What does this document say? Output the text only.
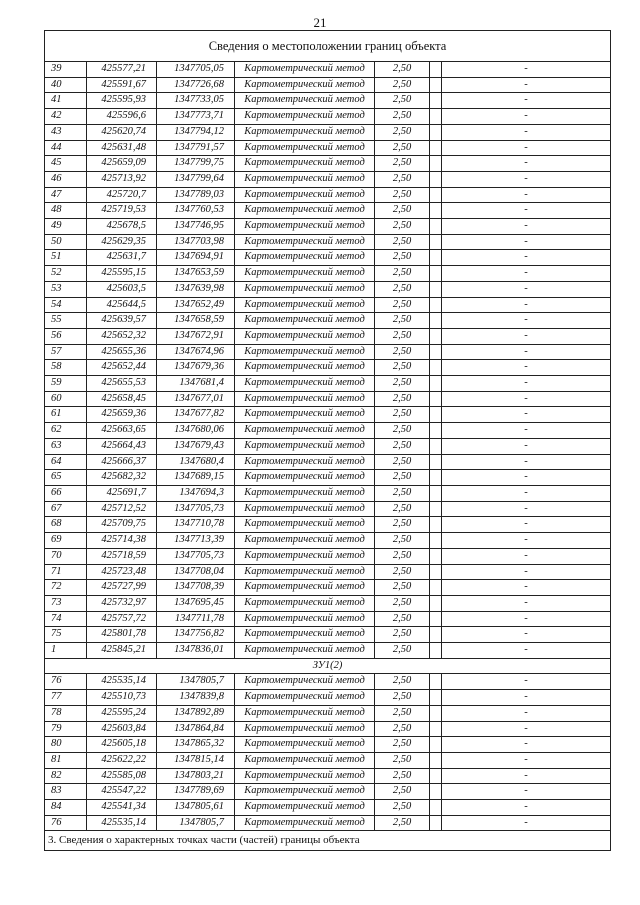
21
Сведения о местоположении границ объекта						
39	425577,21	1347705,05	Картометрический метод	2,50		-
40	425591,67	1347726,68	Картометрический метод	2,50		-
41	425595,93	1347733,05	Картометрический метод	2,50		-
42	425596,6	1347773,71	Картометрический метод	2,50		-
43	425620,74	1347794,12	Картометрический метод	2,50		-
44	425631,48	1347791,57	Картометрический метод	2,50		-
45	425659,09	1347799,75	Картометрический метод	2,50		-
46	425713,92	1347799,64	Картометрический метод	2,50		-
47	425720,7	1347789,03	Картометрический метод	2,50		-
48	425719,53	1347760,53	Картометрический метод	2,50		-
49	425678,5	1347746,95	Картометрический метод	2,50		-
50	425629,35	1347703,98	Картометрический метод	2,50		-
51	425631,7	1347694,91	Картометрический метод	2,50		-
52	425595,15	1347653,59	Картометрический метод	2,50		-
53	425603,5	1347639,98	Картометрический метод	2,50		-
54	425644,5	1347652,49	Картометрический метод	2,50		-
55	425639,57	1347658,59	Картометрический метод	2,50		-
56	425652,32	1347672,91	Картометрический метод	2,50		-
57	425655,36	1347674,96	Картометрический метод	2,50		-
58	425652,44	1347679,36	Картометрический метод	2,50		-
59	425655,53	1347681,4	Картометрический метод	2,50		-
60	425658,45	1347677,01	Картометрический метод	2,50		-
61	425659,36	1347677,82	Картометрический метод	2,50		-
62	425663,65	1347680,06	Картометрический метод	2,50		-
63	425664,43	1347679,43	Картометрический метод	2,50		-
64	425666,37	1347680,4	Картометрический метод	2,50		-
65	425682,32	1347689,15	Картометрический метод	2,50		-
66	425691,7	1347694,3	Картометрический метод	2,50		-
67	425712,52	1347705,73	Картометрический метод	2,50		-
68	425709,75	1347710,78	Картометрический метод	2,50		-
69	425714,38	1347713,39	Картометрический метод	2,50		-
70	425718,59	1347705,73	Картометрический метод	2,50		-
71	425723,48	1347708,04	Картометрический метод	2,50		-
72	425727,99	1347708,39	Картометрический метод	2,50		-
73	425732,97	1347695,45	Картометрический метод	2,50		-
74	425757,72	1347711,78	Картометрический метод	2,50		-
75	425801,78	1347756,82	Картометрический метод	2,50		-
1	425845,21	1347836,01	Картометрический метод	2,50		-
ЗУ1(2)						
76	425535,14	1347805,7	Картометрический метод	2,50		-
77	425510,73	1347839,8	Картометрический метод	2,50		-
78	425595,24	1347892,89	Картометрический метод	2,50		-
79	425603,84	1347864,84	Картометрический метод	2,50		-
80	425605,18	1347865,32	Картометрический метод	2,50		-
81	425622,22	1347815,14	Картометрический метод	2,50		-
82	425585,08	1347803,21	Картометрический метод	2,50		-
83	425547,22	1347789,69	Картометрический метод	2,50		-
84	425541,34	1347805,61	Картометрический метод	2,50		-
76	425535,14	1347805,7	Картометрический метод	2,50		-
3. Сведения о характерных точках части (частей) границы объекта						
